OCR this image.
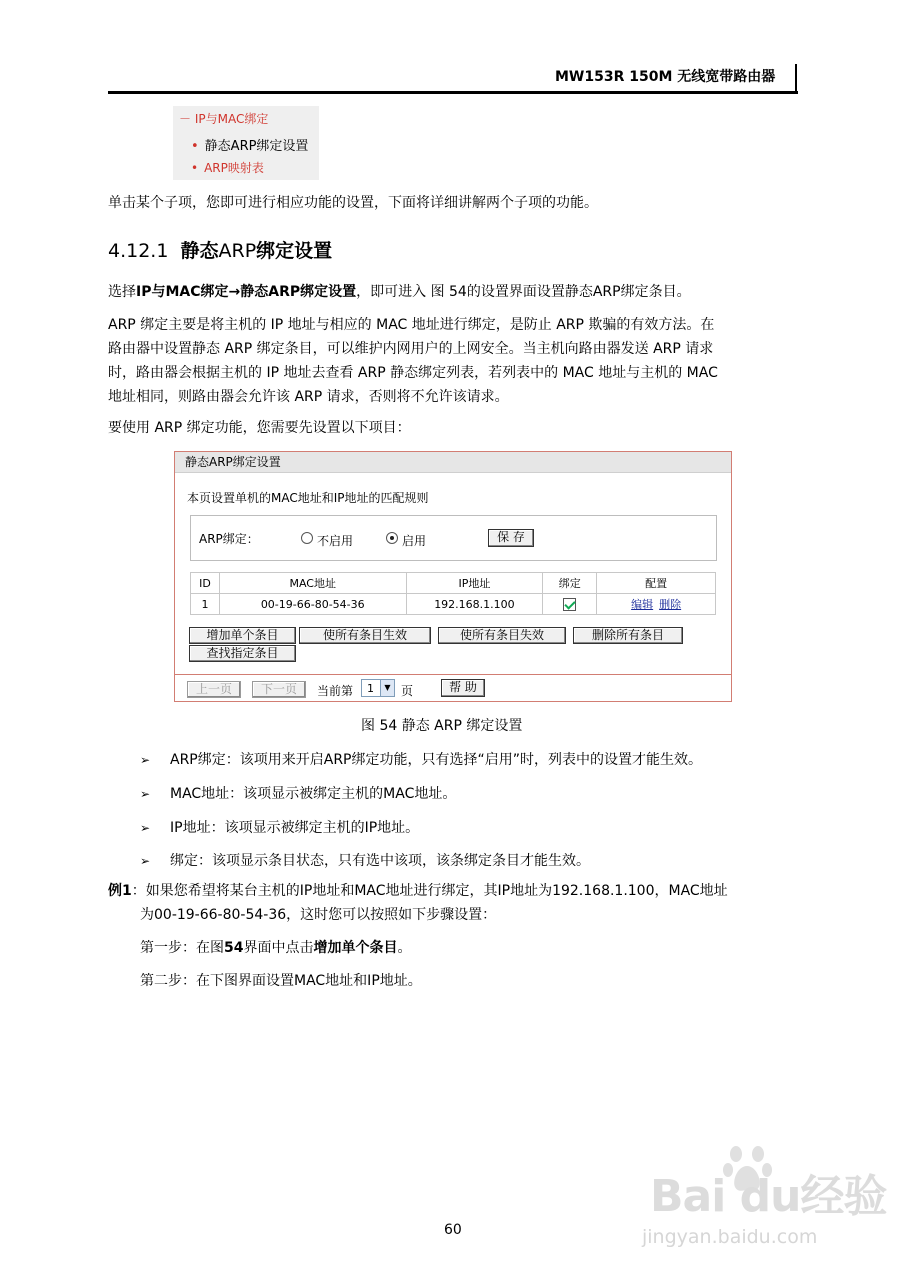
MW153R 150M 无线宽带路由器
－ IP与MAC绑定
• 静态ARP绑定设置
• ARP映射表
单击某个子项，您即可进行相应功能的设置，下面将详细讲解两个子项的功能。
4.12.1 静态ARP绑定设置
选择IP与MAC绑定→静态ARP绑定设置，即可进入 图 54的设置界面设置静态ARP绑定条目。
ARP 绑定主要是将主机的 IP 地址与相应的 MAC 地址进行绑定，是防止 ARP 欺骗的有效方法。在
路由器中设置静态 ARP 绑定条目，可以维护内网用户的上网安全。当主机向路由器发送 ARP 请求
时，路由器会根据主机的 IP 地址去查看 ARP 静态绑定列表，若列表中的 MAC 地址与主机的 MAC
地址相同，则路由器会允许该 ARP 请求，否则将不允许该请求。
要使用 ARP 绑定功能，您需要先设置以下项目：
静态ARP绑定设置
本页设置单机的MAC地址和IP地址的匹配规则
ARP绑定：	不启用	启用	保 存
ID	MAC地址	IP地址	绑定	配置
1	00-19-66-80-54-36	192.168.1.100		编辑 删除
增加单个条目	使所有条目生效	使所有条目失效	删除所有条目
查找指定条目
上一页	下一页	当前第 1	▼ 页	帮 助
图 54 静态 ARP 绑定设置
➢ ARP绑定：该项用来开启ARP绑定功能，只有选择“启用”时，列表中的设置才能生效。
➢ MAC地址：该项显示被绑定主机的MAC地址。
➢ IP地址：该项显示被绑定主机的IP地址。
➢ 绑定：该项显示条目状态，只有选中该项，该条绑定条目才能生效。
例1：如果您希望将某台主机的IP地址和MAC地址进行绑定，其IP地址为192.168.1.100，MAC地址
为00-19-66-80-54-36，这时您可以按照如下步骤设置：
第一步：在图54界面中点击增加单个条目。
第二步：在下图界面设置MAC地址和IP地址。
60
Bai du经验
jingyan.baidu.com
